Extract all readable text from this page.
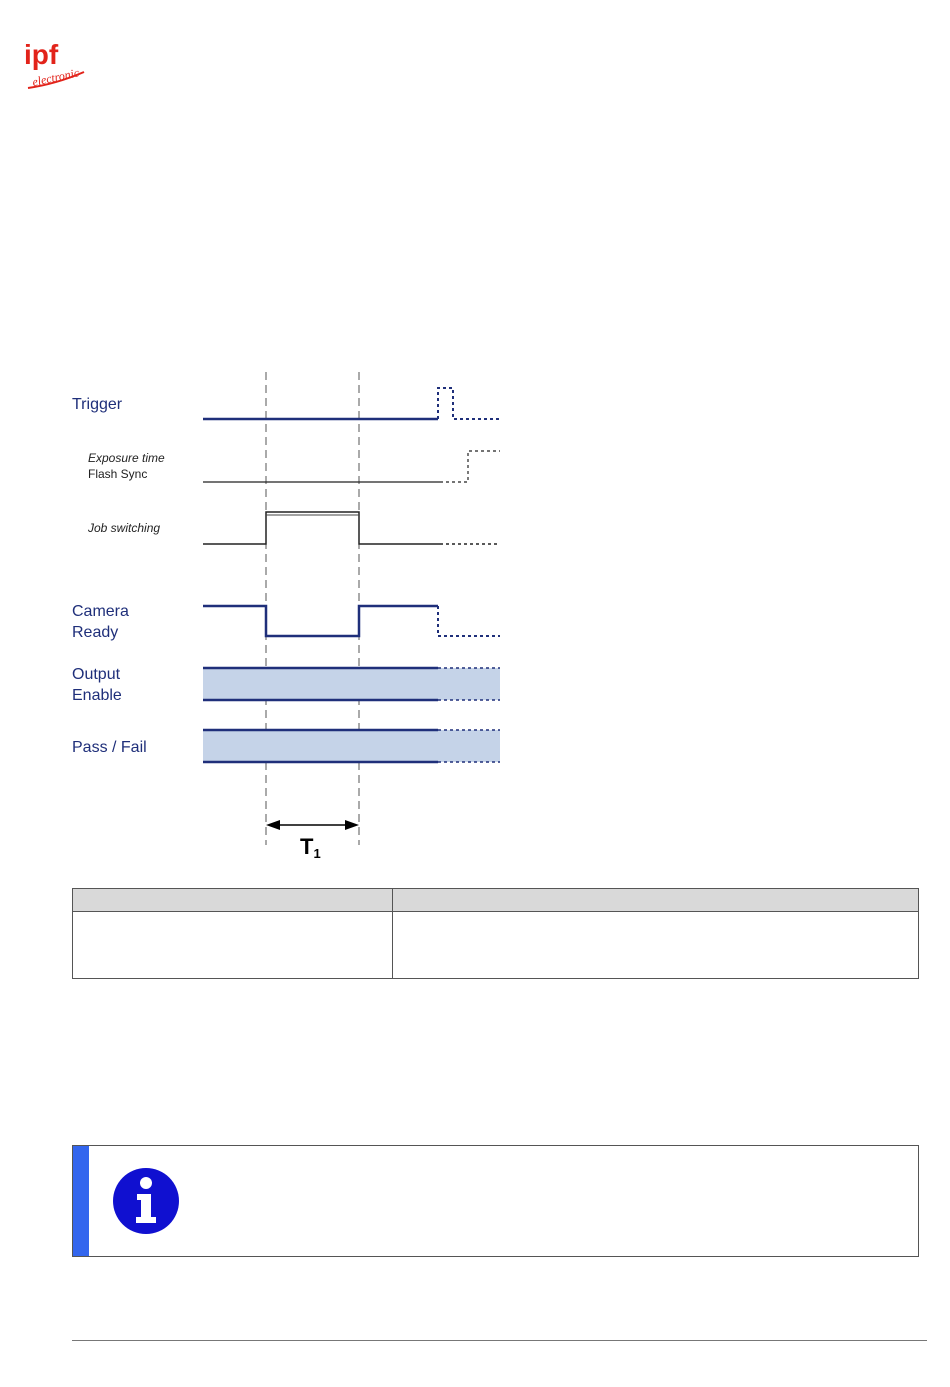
ipf
electronic
Trigger
Exposure time
Flash Sync
Job switching
Camera
Ready
Output
Enable
Pass / Fail
$T_1$
